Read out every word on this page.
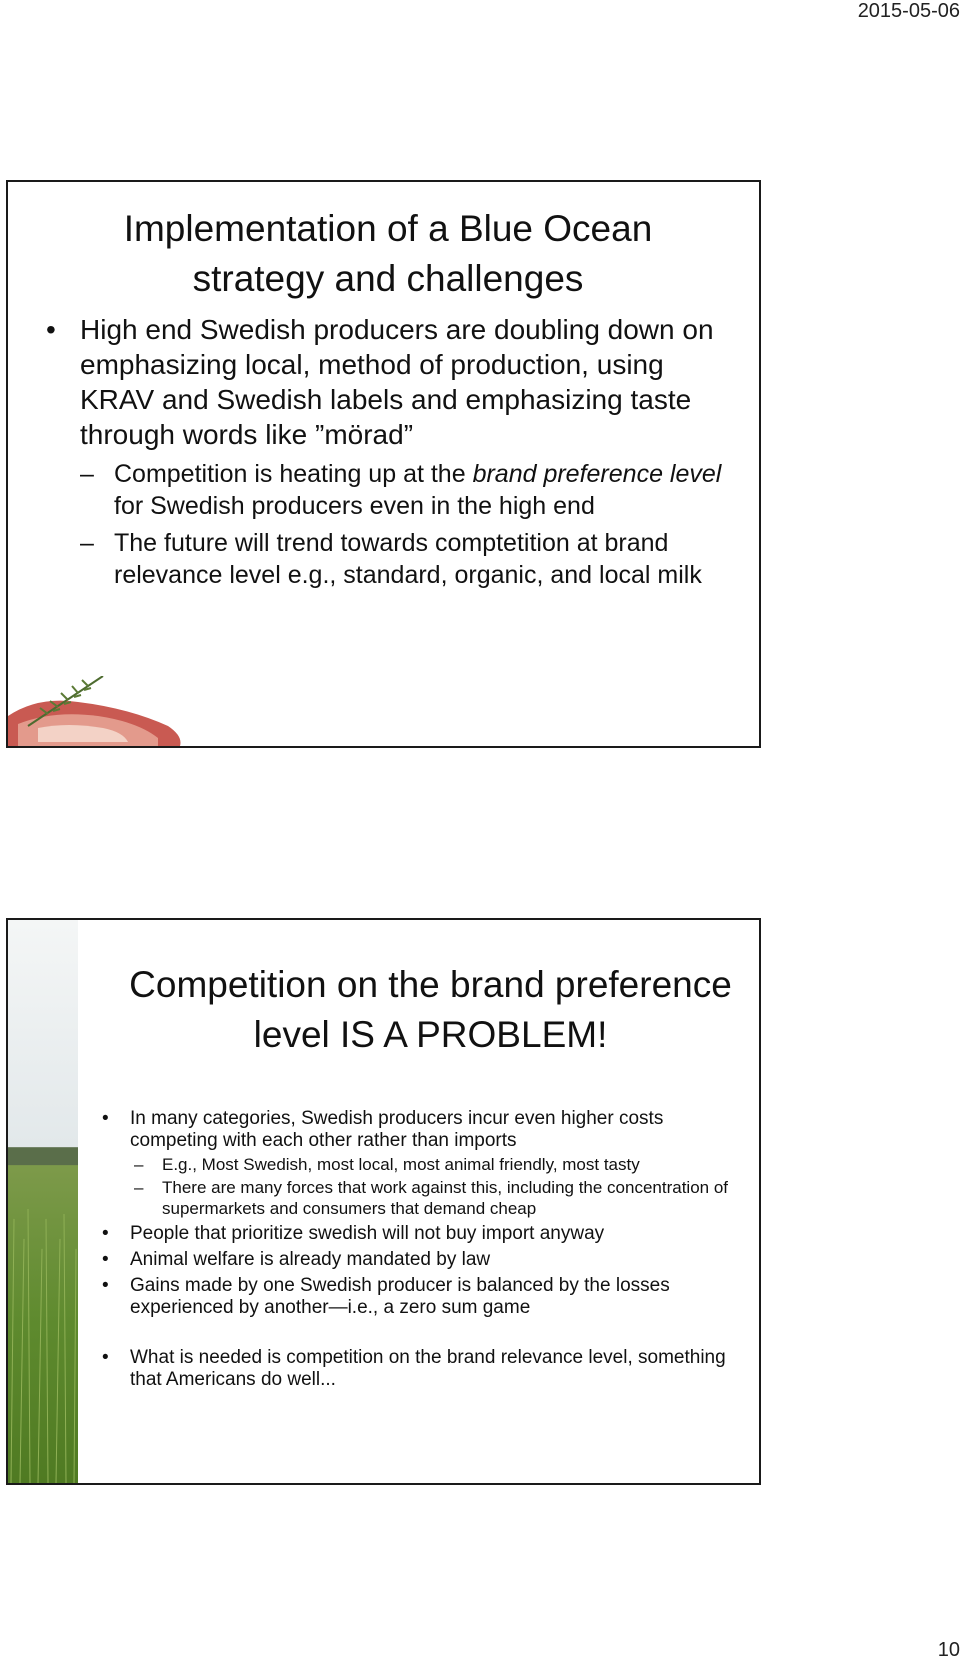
2015-05-06
Implementation of a Blue Ocean
strategy and challenges
• High end Swedish producers are doubling down on emphasizing local, method of production, using KRAV and Swedish labels and emphasizing taste through words like ”mörad”
– Competition is heating up at the brand preference level for Swedish producers even in the high end
– The future will trend towards comptetition at brand relevance level e.g., standard, organic, and local milk
Competition on the brand preference
level IS A PROBLEM!
• In many categories, Swedish producers incur even higher costs competing with each other rather than imports
– E.g., Most Swedish, most local, most animal friendly, most tasty
– There are many forces that work against this, including the concentration of supermarkets and consumers that demand cheap
• People that prioritize swedish will not buy import anyway
• Animal welfare is already mandated by law
• Gains made by one Swedish producer is balanced by the losses experienced by another—i.e., a zero sum game
• What is needed is competition on the brand relevance level, something that Americans do well...
10
